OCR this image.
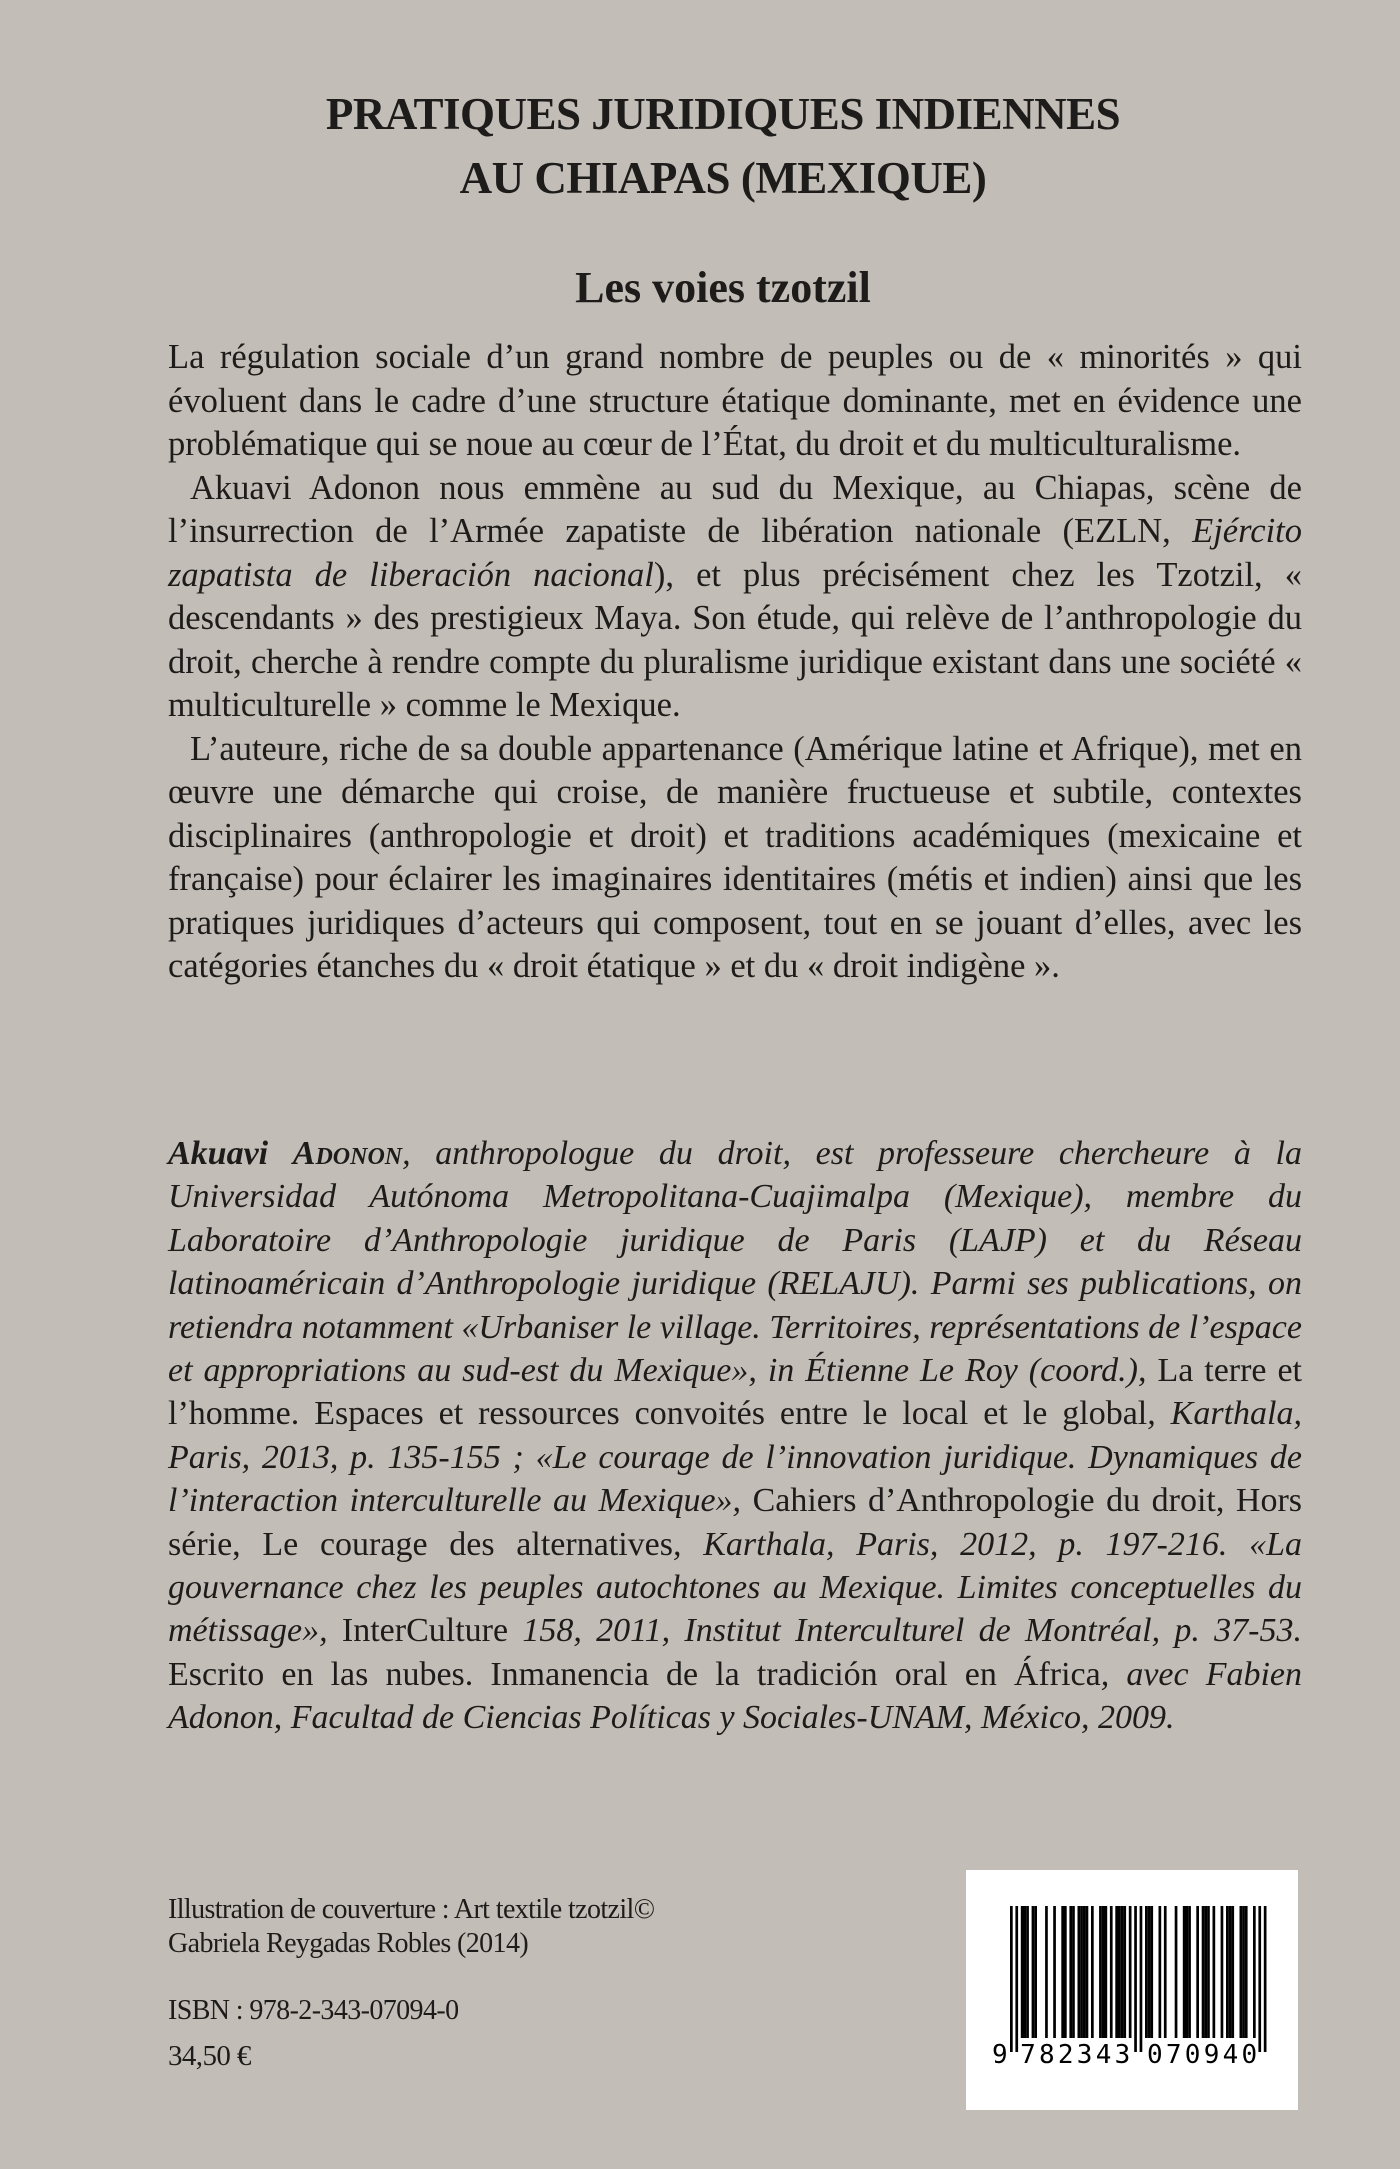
PRATIQUES JURIDIQUES INDIENNES
AU CHIAPAS (MEXIQUE)
Les voies tzotzil

La régulation sociale d’un grand nombre de peuples ou de « minorités » qui évoluent dans le cadre d’une structure étatique dominante, met en évidence une problématique qui se noue au cœur de l’État, du droit et du multiculturalisme.

Akuavi Adonon nous emmène au sud du Mexique, au Chiapas, scène de l’insurrection de l’Armée zapatiste de libération nationale (EZLN, Ejército zapatista de liberación nacional), et plus précisément chez les Tzotzil, « descendants » des prestigieux Maya. Son étude, qui relève de l’anthropologie du droit, cherche à rendre compte du pluralisme juridique existant dans une société « multiculturelle » comme le Mexique.

L’auteure, riche de sa double appartenance (Amérique latine et Afrique), met en œuvre une démarche qui croise, de manière fructueuse et subtile, contextes disciplinaires (anthropologie et droit) et traditions académiques (mexicaine et française) pour éclairer les imaginaires identitaires (métis et indien) ainsi que les pratiques juridiques d’acteurs qui composent, tout en se jouant d’elles, avec les catégories étanches du « droit étatique » et du « droit indigène ».

Akuavi Adonon, anthropologue du droit, est professeure chercheure à la Universidad Autónoma Metropolitana-Cuajimalpa (Mexique), membre du Laboratoire d’Anthropologie juridique de Paris (LAJP) et du Réseau latinoaméricain d’Anthropologie juridique (RELAJU). Parmi ses publications, on retiendra notamment «Urbaniser le village. Territoires, représentations de l’espace et appropriations au sud-est du Mexique», in Étienne Le Roy (coord.), La terre et l’homme. Espaces et ressources convoités entre le local et le global, Karthala, Paris, 2013, p. 135-155 ; «Le courage de l’innovation juridique. Dynamiques de l’interaction interculturelle au Mexique», Cahiers d’Anthropologie du droit, Hors série, Le courage des alternatives, Karthala, Paris, 2012, p. 197-216. «La gouvernance chez les peuples autochtones au Mexique. Limites conceptuelles du métissage», InterCulture 158, 2011, Institut Interculturel de Montréal, p. 37-53. Escrito en las nubes. Inmanencia de la tradición oral en África, avec Fabien Adonon, Facultad de Ciencias Políticas y Sociales-UNAM, México, 2009.
Illustration de couverture : Art textile tzotzil©
Gabriela Reygadas Robles (2014)
ISBN : 978-2-343-07094-0
34,50 €	9 7 8 2 3 4 3 0 7 0 9 4 0
